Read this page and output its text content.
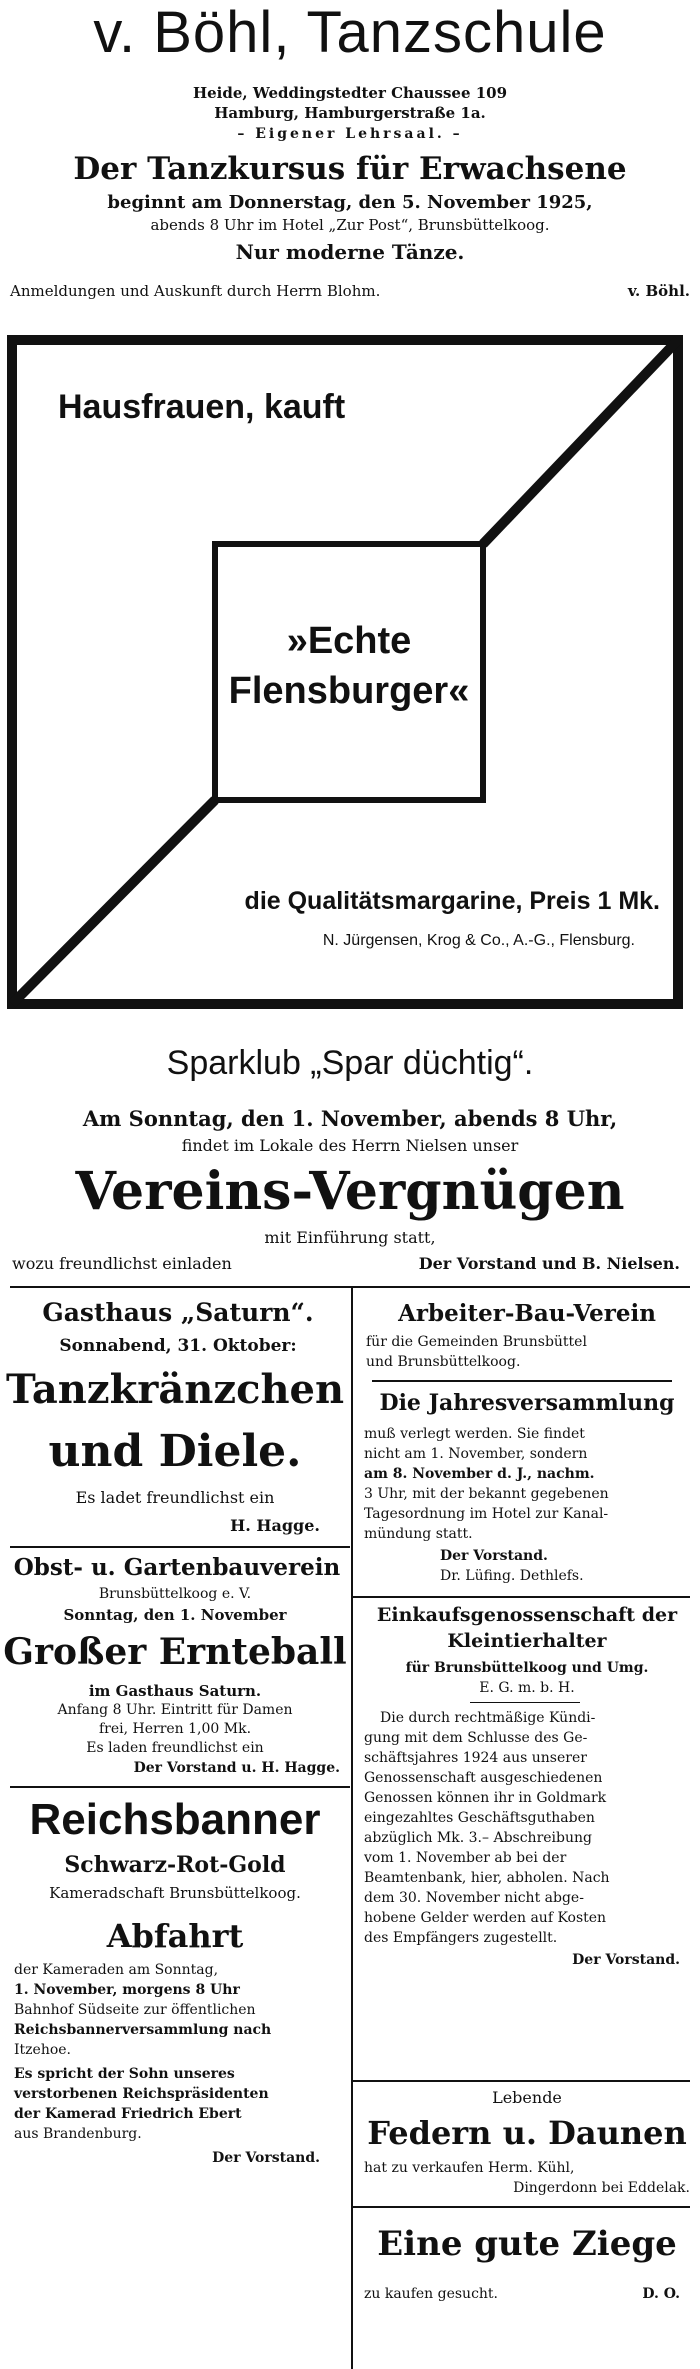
v. Böhl, Tanzschule
Heide, Weddingstedter Chaussee 109
Hamburg, Hamburgerstraße 1a.
– Eigener Lehrsaal. –
Der Tanzkursus für Erwachsene
beginnt am Donnerstag, den 5. November 1925,
abends 8 Uhr im Hotel „Zur Post“, Brunsbüttelkoog.
Nur moderne Tänze.
Anmeldungen und Auskunft durch Herrn Blohm.	v. Böhl.
Hausfrauen, kauft
»Echte
Flensburger«
die Qualitätsmargarine, Preis 1 Mk.
N. Jürgensen, Krog & Co., A.-G., Flensburg.
Sparklub „Spar düchtig“.
Am Sonntag, den 1. November, abends 8 Uhr,
findet im Lokale des Herrn Nielsen unser
Vereins-Vergnügen
mit Einführung statt,
wozu freundlichst einladen	Der Vorstand und B. Nielsen.
Gasthaus „Saturn“.
Sonnabend, 31. Oktober:
Tanzkränzchen
und Diele.
Es ladet freundlichst ein
H. Hagge.
Obst- u. Gartenbauverein
Brunsbüttelkoog e. V.
Sonntag, den 1. November
Großer Ernteball
im Gasthaus Saturn.
Anfang 8 Uhr. Eintritt für Damen
frei, Herren 1,00 Mk.
Es laden freundlichst ein
Der Vorstand u. H. Hagge.
Reichsbanner
Schwarz-Rot-Gold
Kameradschaft Brunsbüttelkoog.
Abfahrt
der Kameraden am Sonntag,
1. November, morgens 8 Uhr
Bahnhof Südseite zur öffentlichen
Reichsbannerversammlung nach
Itzehoe.
Es spricht der Sohn unseres
verstorbenen Reichspräsidenten
der Kamerad Friedrich Ebert
aus Brandenburg.
Der Vorstand.
Arbeiter-Bau-Verein
für die Gemeinden Brunsbüttel
und Brunsbüttelkoog.
Die Jahresversammlung
muß verlegt werden. Sie findet
nicht am 1. November, sondern
am 8. November d. J., nachm.
3 Uhr, mit der bekannt gegebenen
Tagesordnung im Hotel zur Kanal-
mündung statt.
Der Vorstand.
Dr. Lüfing. Dethlefs.
Einkaufsgenossenschaft der
Kleintierhalter
für Brunsbüttelkoog und Umg.
E. G. m. b. H.
Die durch rechtmäßige Kündi-
gung mit dem Schlusse des Ge-
schäftsjahres 1924 aus unserer
Genossenschaft ausgeschiedenen
Genossen können ihr in Goldmark
eingezahltes Geschäftsguthaben
abzüglich Mk. 3.– Abschreibung
vom 1. November ab bei der
Beamtenbank, hier, abholen. Nach
dem 30. November nicht abge-
hobene Gelder werden auf Kosten
des Empfängers zugestellt.
Der Vorstand.
Lebende
Federn u. Daunen
hat zu verkaufen Herm. Kühl,
Dingerdonn bei Eddelak.
Eine gute Ziege
zu kaufen gesucht.	D. O.
